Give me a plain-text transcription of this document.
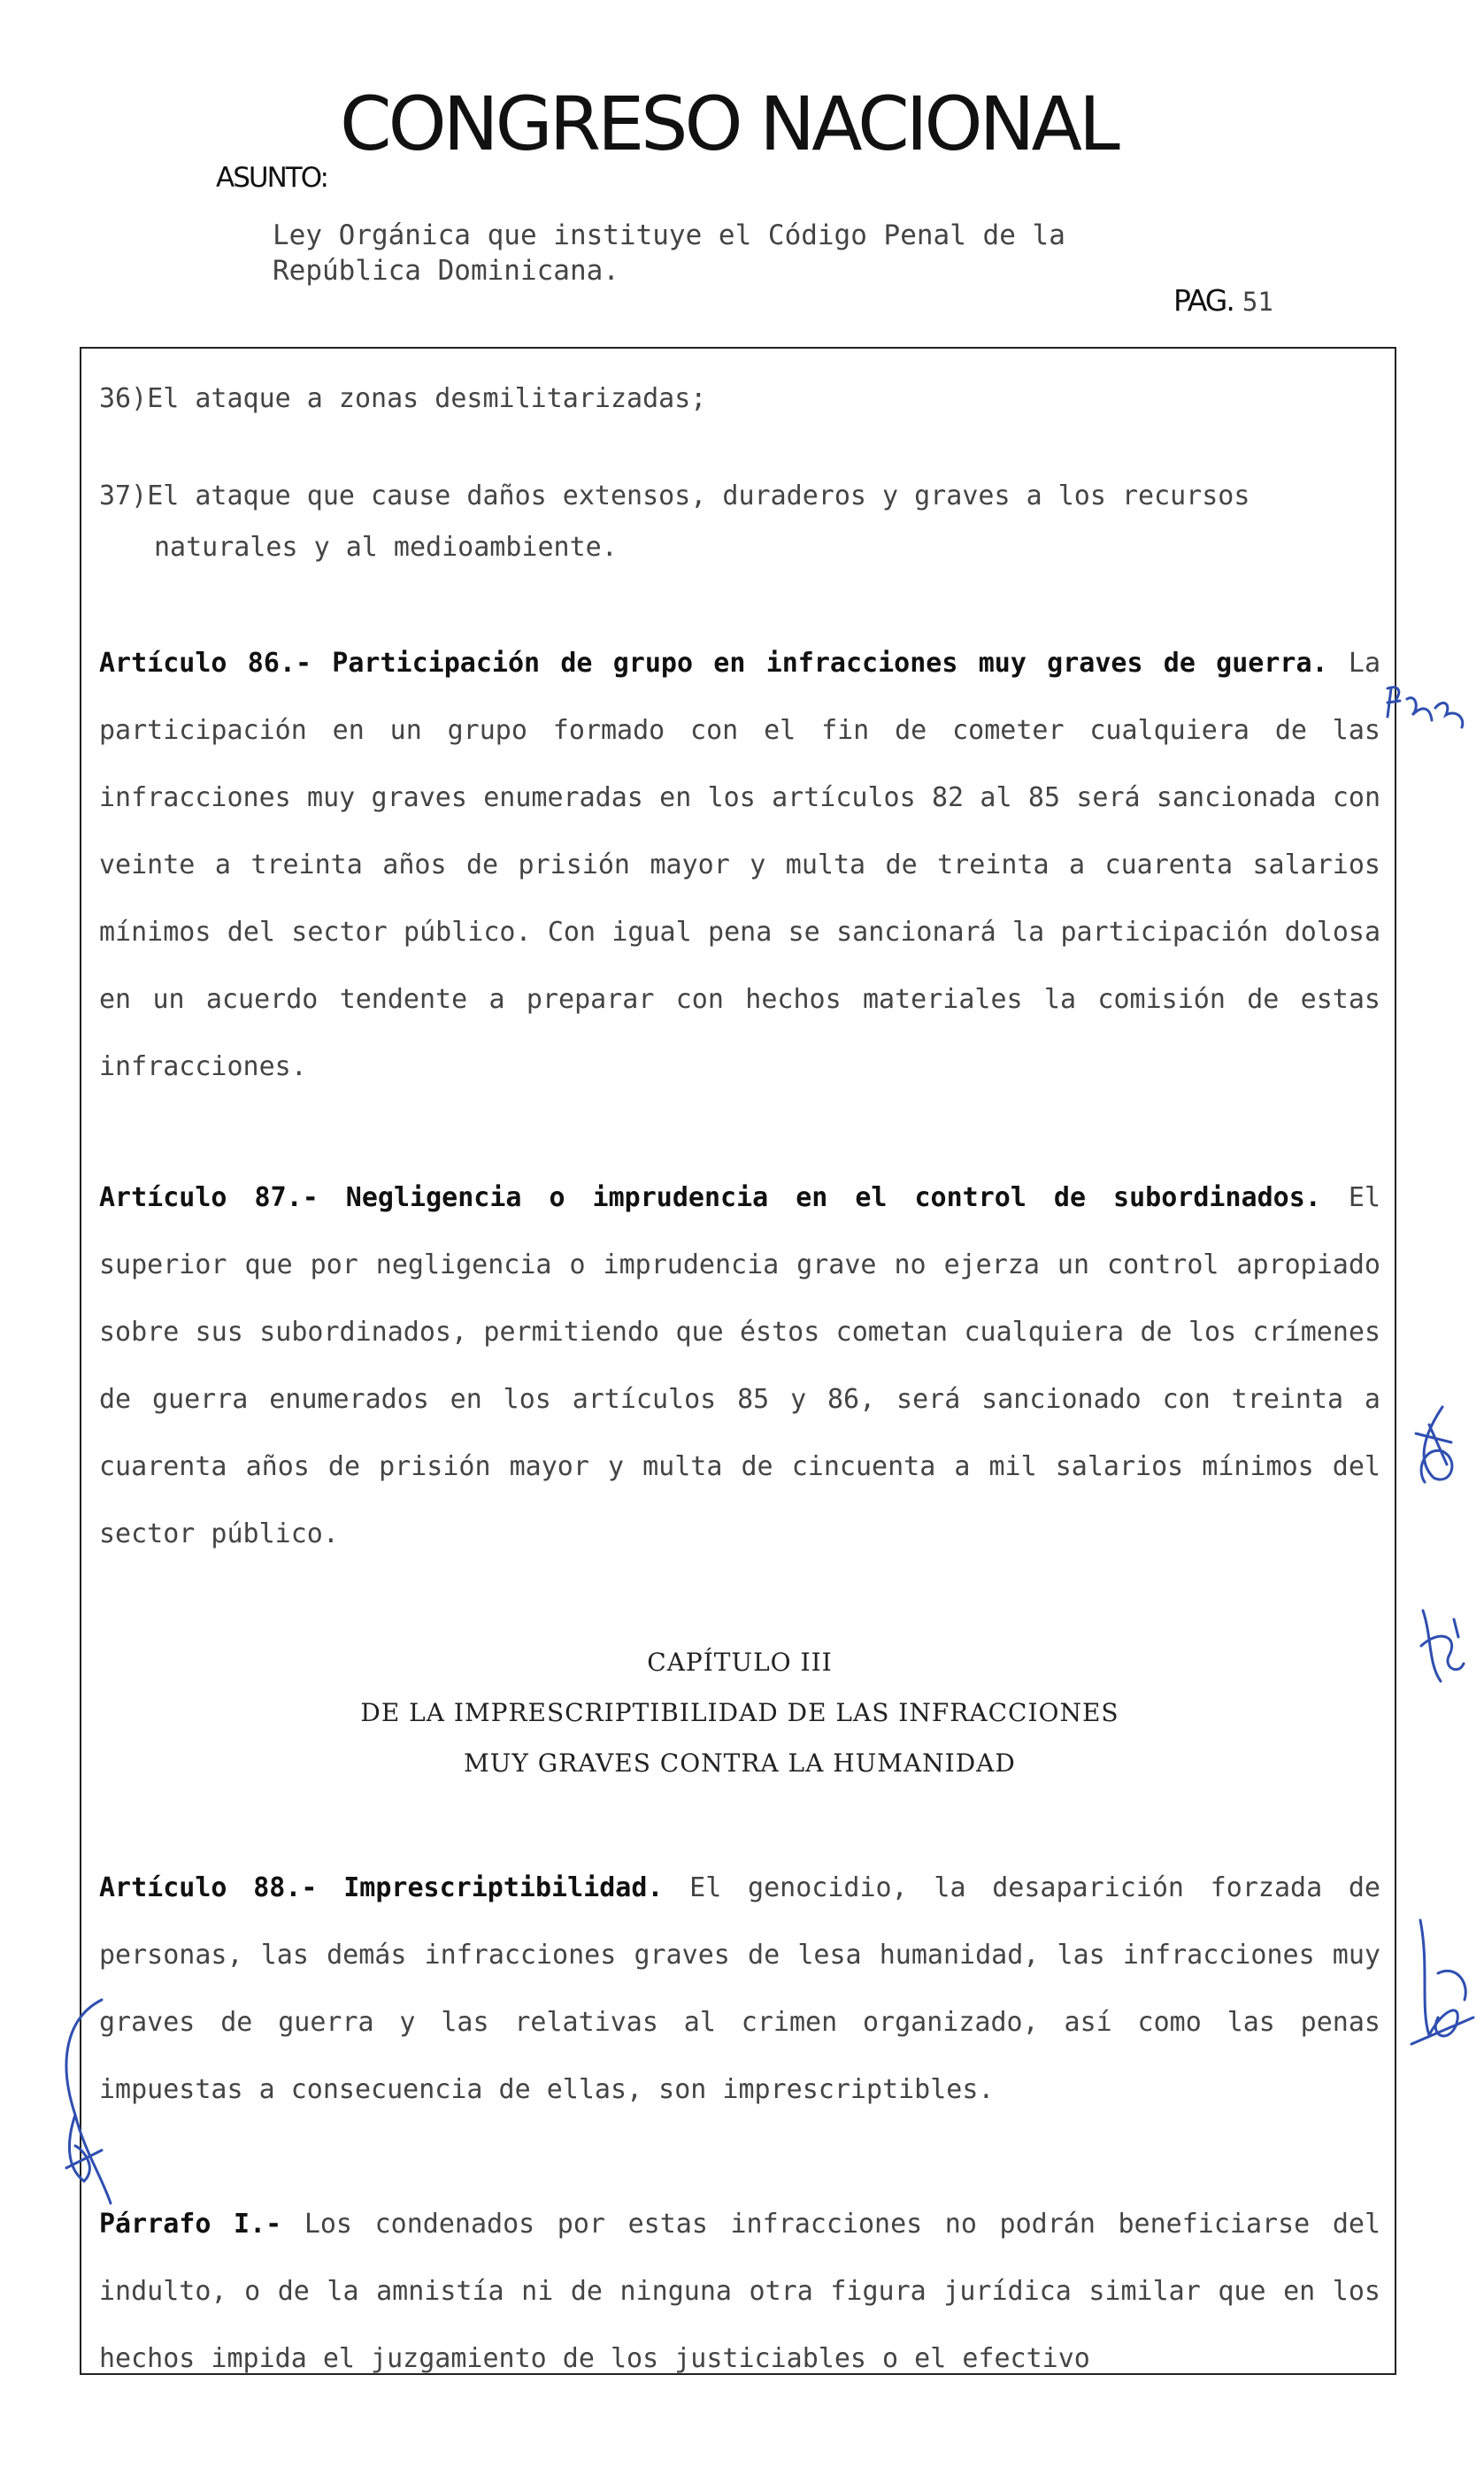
CONGRESO NACIONAL
ASUNTO:
Ley Orgánica que instituye el Código Penal de la
República Dominicana.
PAG. 51
36)El ataque a zonas desmilitarizadas;
37)El ataque que cause daños extensos, duraderos y graves a los recursos
naturales y al medioambiente.
Artículo 86.- Participación de grupo en infracciones muy graves de guerra. La participación en un grupo formado con el fin de cometer cualquiera de las infracciones muy graves enumeradas en los artículos 82 al 85 será sancionada con veinte a treinta años de prisión mayor y multa de treinta a cuarenta salarios mínimos del sector público. Con igual pena se sancionará la participación dolosa en un acuerdo tendente a preparar con hechos materiales la comisión de estas infracciones.
Artículo 87.- Negligencia o imprudencia en el control de subordinados. El superior que por negligencia o imprudencia grave no ejerza un control apropiado sobre sus subordinados, permitiendo que éstos cometan cualquiera de los crímenes de guerra enumerados en los artículos 85 y 86, será sancionado con treinta a cuarenta años de prisión mayor y multa de cincuenta a mil salarios mínimos del sector público.
CAPÍTULO III
DE LA IMPRESCRIPTIBILIDAD DE LAS INFRACCIONES
MUY GRAVES CONTRA LA HUMANIDAD
Artículo 88.- Imprescriptibilidad. El genocidio, la desaparición forzada de personas, las demás infracciones graves de lesa humanidad, las infracciones muy graves de guerra y las relativas al crimen organizado, así como las penas impuestas a consecuencia de ellas, son imprescriptibles.
Párrafo I.- Los condenados por estas infracciones no podrán beneficiarse del indulto, o de la amnistía ni de ninguna otra figura jurídica similar que en los hechos impida el juzgamiento de los justiciables o el efectivo
